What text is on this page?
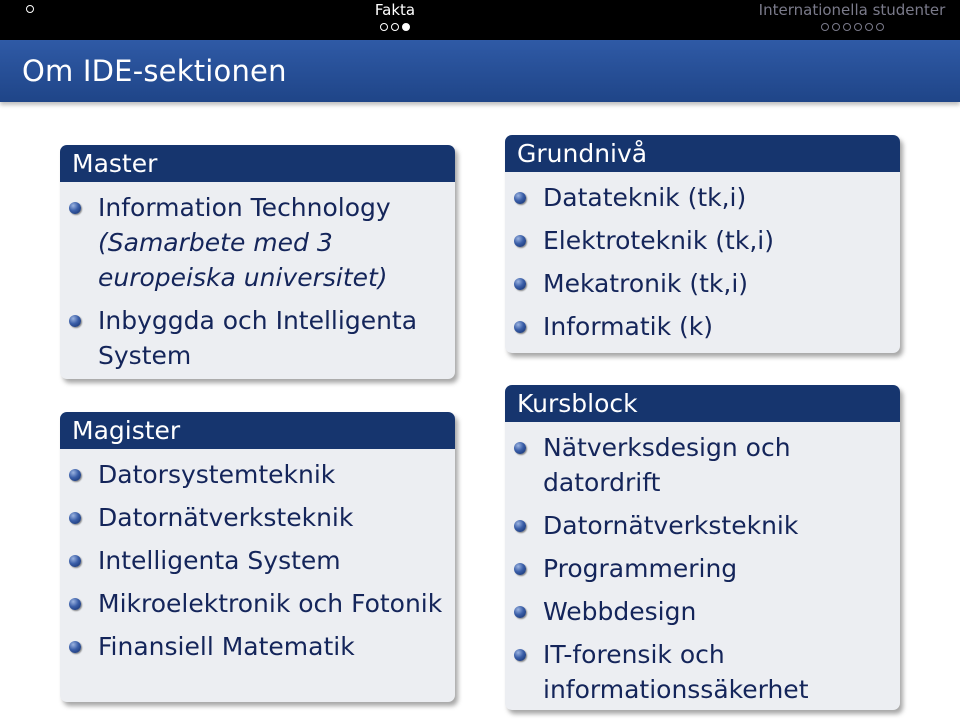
Fakta	Internationella studenter
Om IDE-sektionen
Master
Information Technology
(Samarbete med 3 europeiska universitet)
Inbyggda och Intelligenta System
Magister
Datorsystemteknik
Datornätverksteknik
Intelligenta System
Mikroelektronik och Fotonik
Finansiell Matematik
Grundnivå
Datateknik (tk,i)
Elektroteknik (tk,i)
Mekatronik (tk,i)
Informatik (k)
Kursblock
Nätverksdesign och datordrift
Datornätverksteknik
Programmering
Webbdesign
IT-forensik och informationssäkerhet
